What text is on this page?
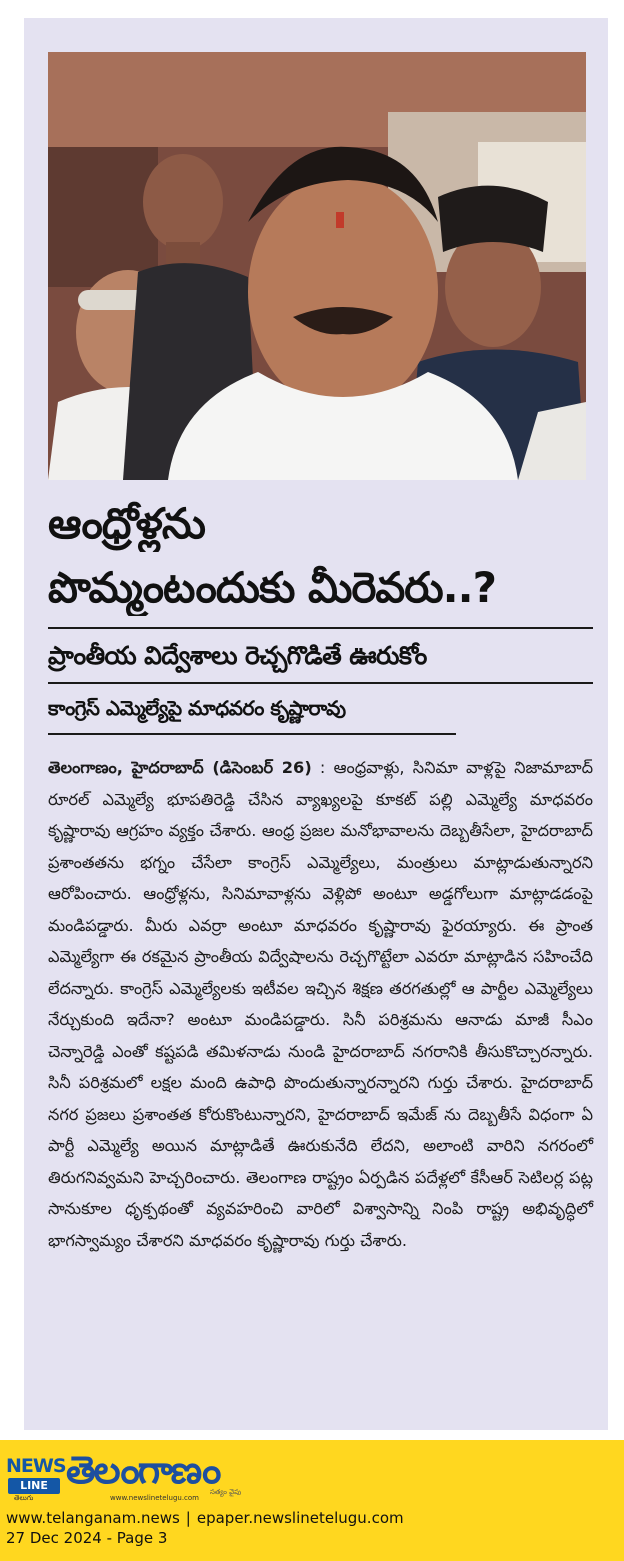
ఆంధ్రోళ్లను
పొమ్మంటందుకు మీరెవరు..?
ప్రాంతీయ విద్వేశాలు రెచ్చగొడితే ఊరుకోం
కాంగ్రెస్ ఎమ్మెల్యేపై మాధవరం కృష్ణారావు
తెలంగాణం, హైదరాబాద్ (డిసెంబర్ 26) : ఆంధ్రవాళ్లు, సినిమా వాళ్లపై నిజామాబాద్ రూరల్ ఎమ్మెల్యే భూపతిరెడ్డి చేసిన వ్యాఖ్యలపై కూకట్ పల్లి ఎమ్మెల్యే మాధవరం కృష్ణారావు ఆగ్రహం వ్యక్తం చేశారు. ఆంధ్ర ప్రజల మనోభావాలను దెబ్బతీసేలా, హైదరాబాద్ ప్రశాంతతను భగ్నం చేసేలా కాంగ్రెస్ ఎమ్మెల్యేలు, మంత్రులు మాట్లాడుతున్నారని ఆరోపించారు. ఆంధ్రోళ్లను, సినిమావాళ్లను వెళ్లిపో అంటూ అడ్డగోలుగా మాట్లాడడంపై మండిపడ్డారు. మీరు ఎవర్రా అంటూ మాధవరం కృష్ణారావు ఫైరయ్యారు. ఈ ప్రాంత ఎమ్మెల్యేగా ఈ రకమైన ప్రాంతీయ విద్వేషాలను రెచ్చగొట్టేలా ఎవరూ మాట్లాడిన సహించేది లేదన్నారు. కాంగ్రెస్ ఎమ్మెల్యేలకు ఇటీవల ఇచ్చిన శిక్షణ తరగతుల్లో ఆ పార్టీల ఎమ్మెల్యేలు నేర్చుకుంది ఇదేనా? అంటూ మండిపడ్డారు. సినీ పరిశ్రమను ఆనాడు మాజీ సీఎం చెన్నారెడ్డి ఎంతో కష్టపడి తమిళనాడు నుండి హైదరాబాద్ నగరానికి తీసుకొచ్చారన్నారు. సినీ పరిశ్రమలో లక్షల మంది ఉపాధి పొందుతున్నారన్నారని గుర్తు చేశారు. హైదరాబాద్ నగర ప్రజలు ప్రశాంతత కోరుకొంటున్నారని, హైదరాబాద్ ఇమేజ్ ను దెబ్బతీసే విధంగా ఏ పార్టీ ఎమ్మెల్యే అయిన మాట్లాడితే ఊరుకునేది లేదని, అలాంటి వారిని నగరంలో తిరుగనివ్వమని హెచ్చరించారు. తెలంగాణ రాష్ట్రం ఏర్పడిన పదేళ్లలో కేసీఆర్ సెటిలర్ల పట్ల సానుకూల ధృక్పథంతో వ్యవహరించి వారిలో విశ్వాసాన్ని నింపి రాష్ట్ర అభివృద్ధిలో భాగస్వామ్యం చేశారని మాధవరం కృష్ణారావు గుర్తు చేశారు.
NEWS
LINE
తెలుగు
తెలంగాణం
www.newslinetelugu.com
సత్యం వైపు
www.telanganam.news | epaper.newslinetelugu.com
27 Dec 2024 - Page 3
